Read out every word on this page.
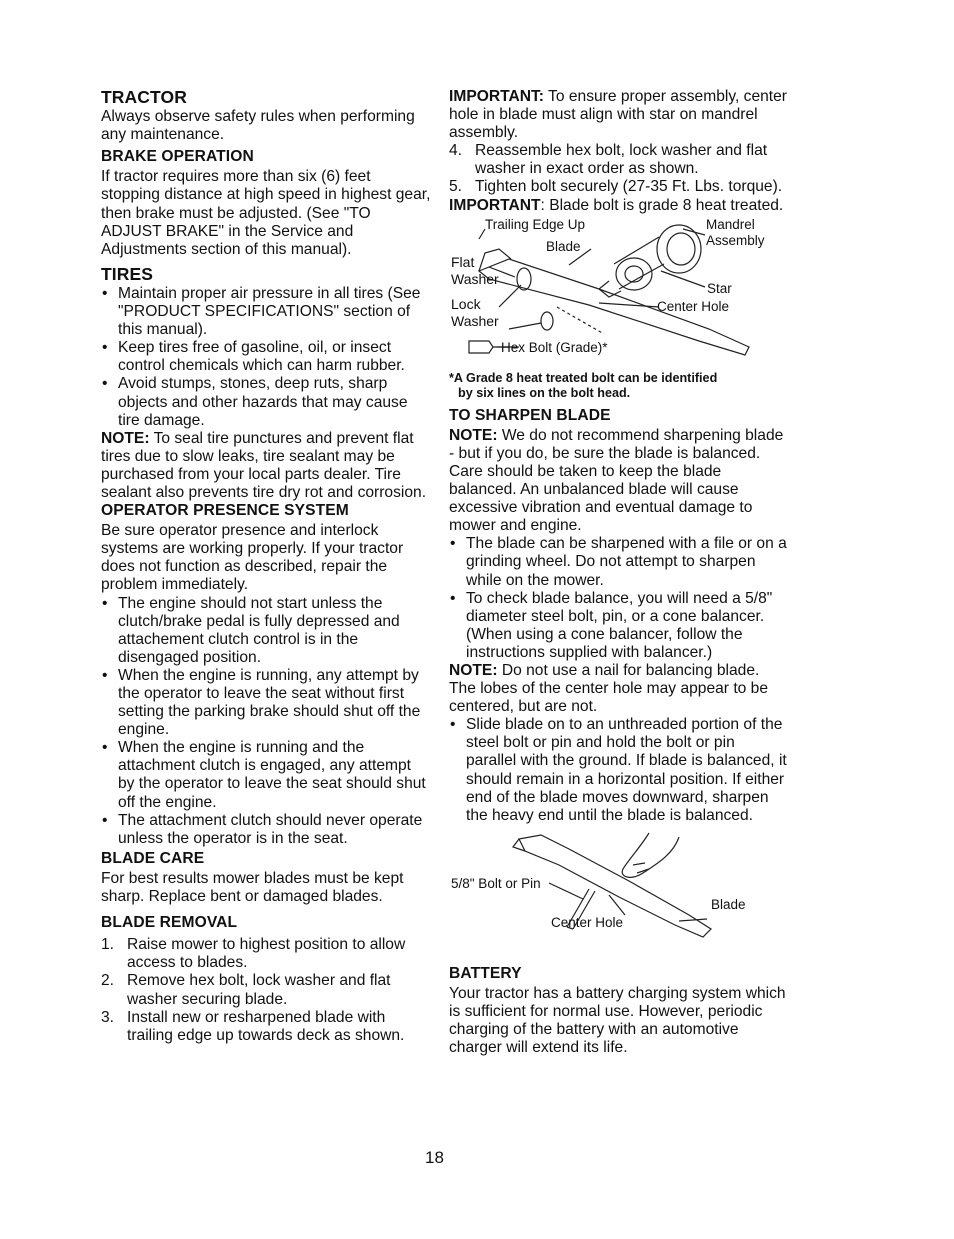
TRACTOR

Always observe safety rules when performing any maintenance.

BRAKE OPERATION

If tractor requires more than six (6) feet stopping distance at high speed in highest gear, then brake must be adjusted. (See "TO ADJUST BRAKE" in the Service and Adjustments section of this manual).

TIRES
• Maintain proper air pressure in all tires (See "PRODUCT SPECIFICATIONS" section of this manual).
• Keep tires free of gasoline, oil, or insect control chemicals which can harm rubber.
• Avoid stumps, stones, deep ruts, sharp objects and other hazards that may cause tire damage.

NOTE: To seal tire punctures and prevent flat tires due to slow leaks, tire sealant may be purchased from your local parts dealer. Tire sealant also prevents tire dry rot and corrosion.

OPERATOR PRESENCE SYSTEM

Be sure operator presence and interlock systems are working properly. If your tractor does not function as described, repair the problem immediately.

• The engine should not start unless the clutch/brake pedal is fully depressed and attachement clutch control is in the disengaged position.
• When the engine is running, any attempt by the operator to leave the seat without first setting the parking brake should shut off the engine.
• When the engine is running and the attachment clutch is engaged, any attempt by the operator to leave the seat should shut off the engine.
• The attachment clutch should never operate unless the operator is in the seat.
BLADE CARE

For best results mower blades must be kept sharp. Replace bent or damaged blades.

BLADE REMOVAL
1. Raise mower to highest position to allow access to blades.
2. Remove hex bolt, lock washer and flat washer securing blade.
3. Install new or resharpened blade with trailing edge up towards deck as shown.

IMPORTANT: To ensure proper assembly, center hole in blade must align with star on mandrel assembly.

4. Reassemble hex bolt, lock washer and flat washer in exact order as shown.
5. Tighten bolt securely (27-35 Ft. Lbs. torque).

IMPORTANT: Blade bolt is grade 8 heat treated.

Trailing Edge Up
Blade
Mandrel
Assembly
Flat
Washer
Star
Lock
Washer
Center Hole
Hex Bolt (Grade)*

*A Grade 8 heat treated bolt can be identified
by six lines on the bolt head.

TO SHARPEN BLADE

NOTE: We do not recommend sharpening blade - but if you do, be sure the blade is balanced.

Care should be taken to keep the blade balanced. An unbalanced blade will cause excessive vibration and eventual damage to mower and engine.

• The blade can be sharpened with a file or on a grinding wheel. Do not attempt to sharpen while on the mower.
• To check blade balance, you will need a 5/8" diameter steel bolt, pin, or a cone balancer. (When using a cone balancer, follow the instructions supplied with balancer.)

NOTE: Do not use a nail for balancing blade. The lobes of the center hole may appear to be centered, but are not.

• Slide blade on to an unthreaded portion of the steel bolt or pin and hold the bolt or pin parallel with the ground. If blade is balanced, it should remain in a horizontal position. If either end of the blade moves downward, sharpen the heavy end until the blade is balanced.
5/8" Bolt or Pin
Blade
Center Hole
BATTERY

Your tractor has a battery charging system which is sufficient for normal use. However, periodic charging of the battery with an automotive charger will extend its life.

18
